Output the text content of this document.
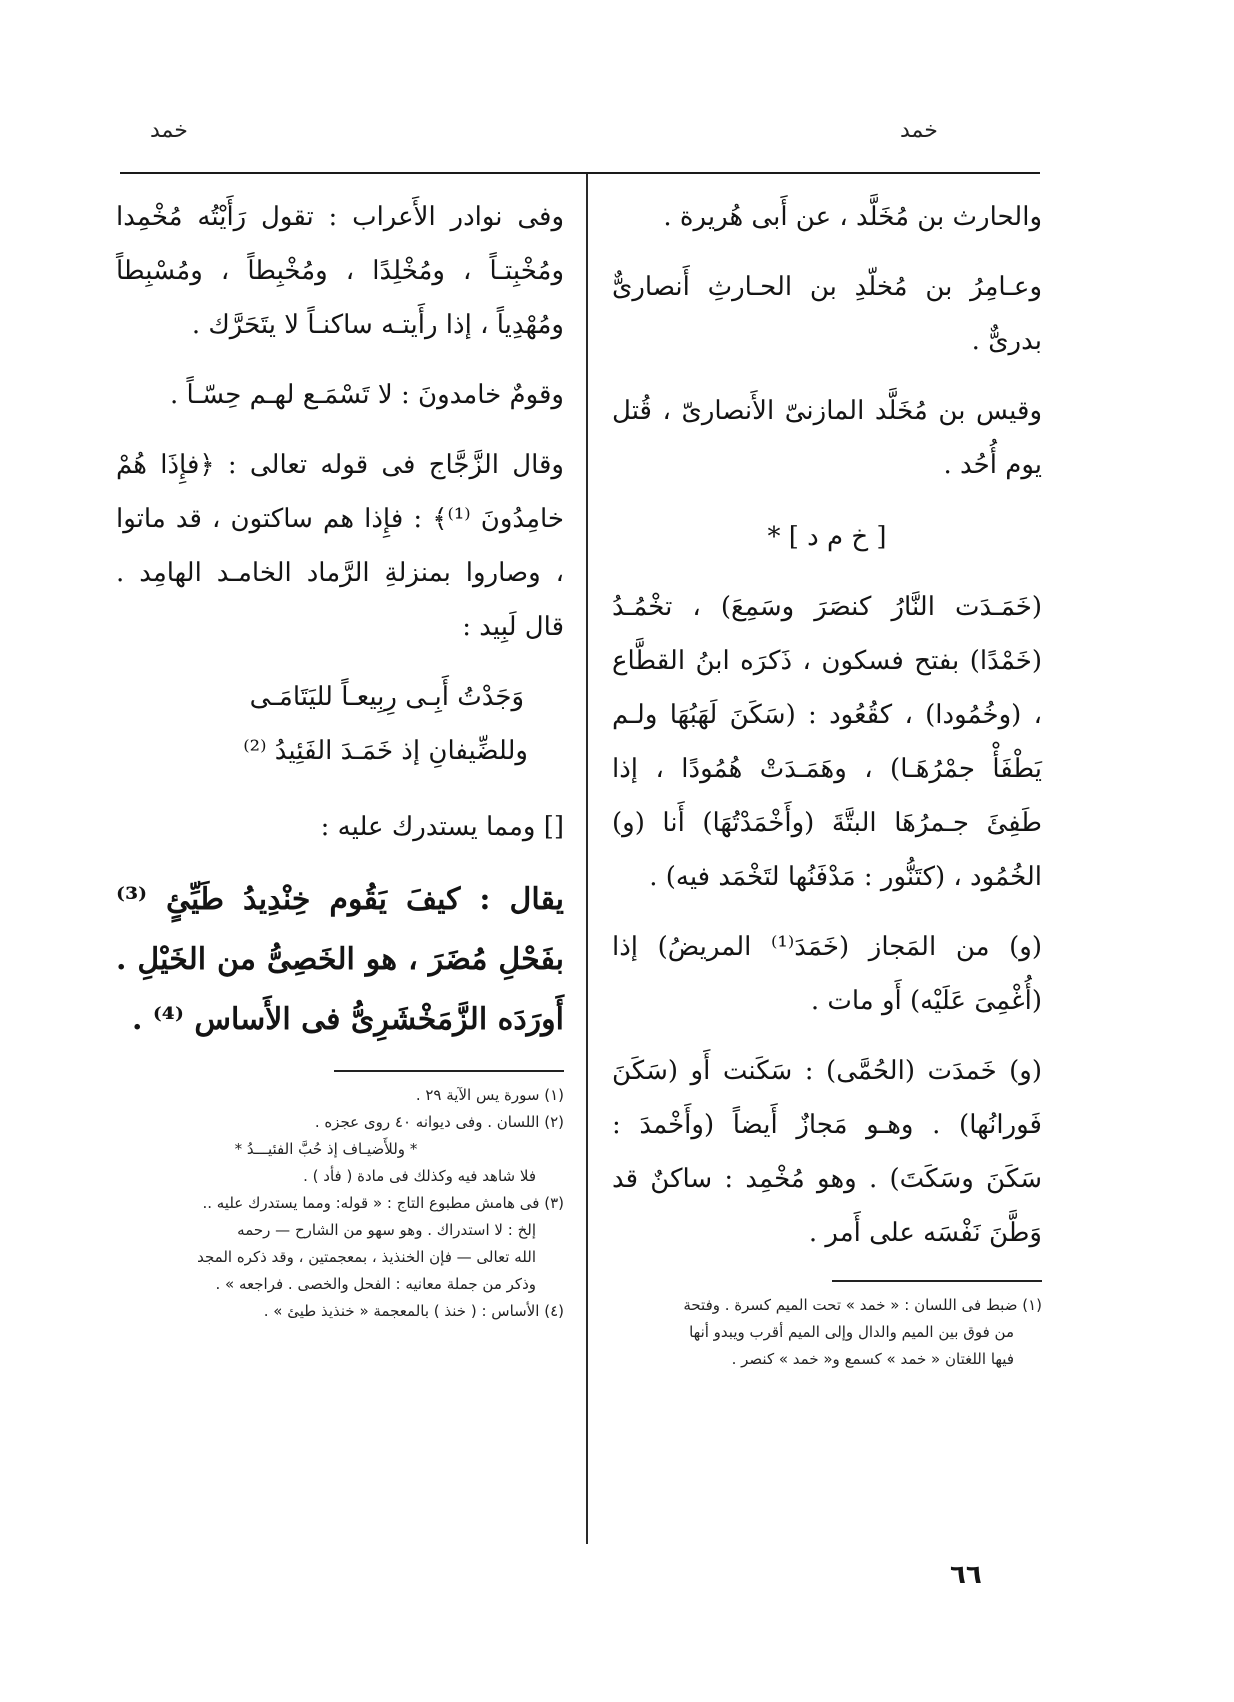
خمد
خمد

والحارث بن مُخَلَّد ، عن أَبى هُريرة .

وعـامِرُ بن مُخلّدِ بن الحـارثِ أَنصارىٌّ بدرىٌّ .

وقيس بن مُخَلَّد المازنىّ الأَنصارىّ ، قُتل يوم أُحُد .

[ خ م د ] *

(خَمَـدَت النَّارُ كنصَرَ وسَمِعَ) ، تخْمُـدُ (خَمْدًا) بفتح فسكون ، ذَكرَه ابنُ القطَّاع ، (وخُمُودا) ، كقُعُود : (سَكَنَ لَهَبُهَا ولـم يَطْفَأْ جمْرُهَـا) ، وهَمَـدَتْ هُمُودًا ، إذا طَفِئَ جـمرُهَا البتَّةَ (وأَخْمَدْتُهَا) أَنا (و) الخُمُود ، (كتَنُّور : مَدْفَنُها لتَخْمَد فيه) .

(و) من المَجاز (خَمَدَ⁽¹⁾ المريضُ) إذا (أُغْمِىَ عَلَيْه) أَو مات .

(و) خَمدَت (الحُمَّى) : سَكَنت أَو (سَكَنَ فَورانُها) . وهـو مَجازٌ أَيضاً (وأَخْمدَ : سَكَنَ وسَكَتَ) . وهو مُخْمِد : ساكنٌ قد وَطَّنَ نَفْسَه على أَمر .

(١) ضبط فى اللسان : « خمد » تحت الميم كسرة . وفتحة
من فوق بين الميم والدال وإلى الميم أقرب ويبدو أنها
فيها اللغتان « خمد » كسمع و« خمد » كنصر .

وفى نوادر الأَعراب : تقول رَأَيْتُه مُخْمِدا ومُخْبِتـاً ، ومُخْلِدًا ، ومُخْبِطاً ، ومُسْبِطاً ومُهْدِياً ، إذا رأَيتـه ساكنـاً لا يتَحَرَّك .

وقومٌ خامدونَ : لا تَسْمَـع لهـم حِسّـاً .

وقال الزَّجَّاج فى قوله تعالى : ﴿فإِذَا هُمْ خامِدُونَ ⁽¹⁾﴾ : فإِذا هم ساكتون ، قد ماتوا ، وصاروا بمنزلةِ الرَّماد الخامـد الهامِد . قال لَبِيد :

وَجَدْتُ أَبِـى رِبِيعـاً لليَتَامَـى
وللضِّيفانِ إذ خَمَـدَ الفَئِيدُ ⁽²⁾

[] ومما يستدرك عليه :

يقال : كيفَ يَقُوم خِنْدِيدُ طَيِّئٍ ⁽³⁾ بفَحْلِ مُضَرَ ، هو الخَصِىُّ من الخَيْلِ . أَورَدَه الزَّمَخْشَرِىُّ فى الأَساس ⁽⁴⁾ .

(١) سورة يس الآية ٢٩ .
(٢) اللسان . وفى ديوانه ٤٠ روى عجزه .
* وللأَضيـاف إذ حُبَّ الفئيـــدُ *
فلا شاهد فيه وكذلك فى مادة ( فأد ) .
(٣) فى هامش مطبوع التاج : « قوله: ومما يستدرك عليه ..
إلخ : لا استدراك . وهو سهو من الشارح — رحمه
الله تعالى — فإن الخنذيذ ، بمعجمتين ، وقد ذكره المجد
وذكر من جملة معانيه : الفحل والخصى . فراجعه » .
(٤) الأساس : ( خنذ ) بالمعجمة « خنذيذ طيئ » .
٦٦
